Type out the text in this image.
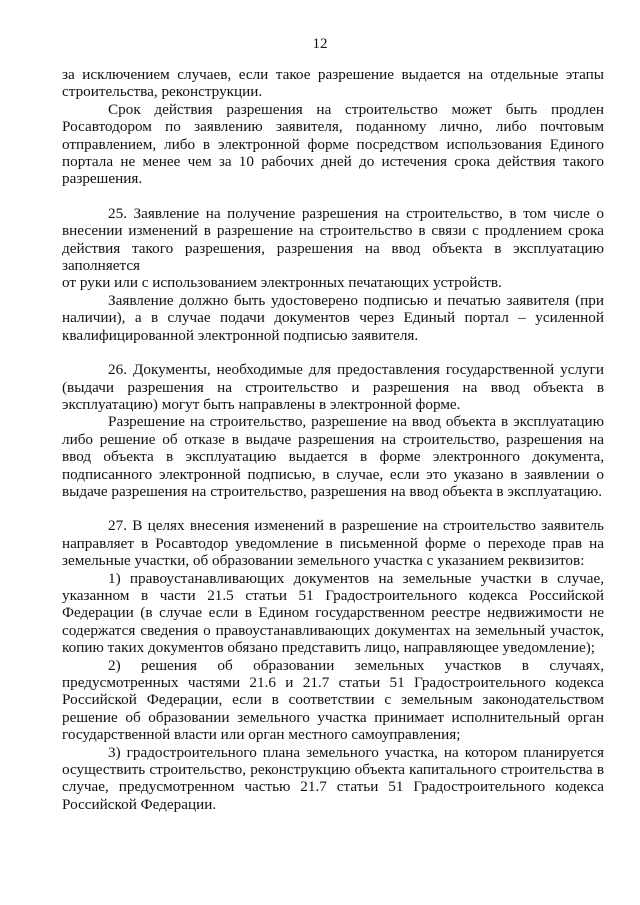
12

за исключением случаев, если такое разрешение выдается на отдельные этапы строительства, реконструкции.

Срок действия разрешения на строительство может быть продлен Росавтодором по заявлению заявителя, поданному лично, либо почтовым отправлением, либо в электронной форме посредством использования Единого портала не менее чем за 10 рабочих дней до истечения срока действия такого разрешения.

25. Заявление на получение разрешения на строительство, в том числе о внесении изменений в разрешение на строительство в связи с продлением срока действия такого разрешения, разрешения на ввод объекта в эксплуатацию заполняется

от руки или с использованием электронных печатающих устройств.

Заявление должно быть удостоверено подписью и печатью заявителя (при наличии), а в случае подачи документов через Единый портал – усиленной квалифицированной электронной подписью заявителя.

26. Документы, необходимые для предоставления государственной услуги (выдачи разрешения на строительство и разрешения на ввод объекта в эксплуатацию) могут быть направлены в электронной форме.

Разрешение на строительство, разрешение на ввод объекта в эксплуатацию либо решение об отказе в выдаче разрешения на строительство, разрешения на ввод объекта в эксплуатацию выдается в форме электронного документа, подписанного электронной подписью, в случае, если это указано в заявлении о выдаче разрешения на строительство, разрешения на ввод объекта в эксплуатацию.

27. В целях внесения изменений в разрешение на строительство заявитель направляет в Росавтодор уведомление в письменной форме о переходе прав на земельные участки, об образовании земельного участка с указанием реквизитов:

1) правоустанавливающих документов на земельные участки в случае, указанном в части 21.5 статьи 51 Градостроительного кодекса Российской Федерации (в случае если в Едином государственном реестре недвижимости не содержатся сведения о правоустанавливающих документах на земельный участок, копию таких документов обязано представить лицо, направляющее уведомление);

2) решения об образовании земельных участков в случаях, предусмотренных частями 21.6 и 21.7 статьи 51 Градостроительного кодекса Российской Федерации, если в соответствии с земельным законодательством решение об образовании земельного участка принимает исполнительный орган государственной власти или орган местного самоуправления;

3) градостроительного плана земельного участка, на котором планируется осуществить строительство, реконструкцию объекта капитального строительства в случае, предусмотренном частью 21.7 статьи 51 Градостроительного кодекса Российской Федерации.
